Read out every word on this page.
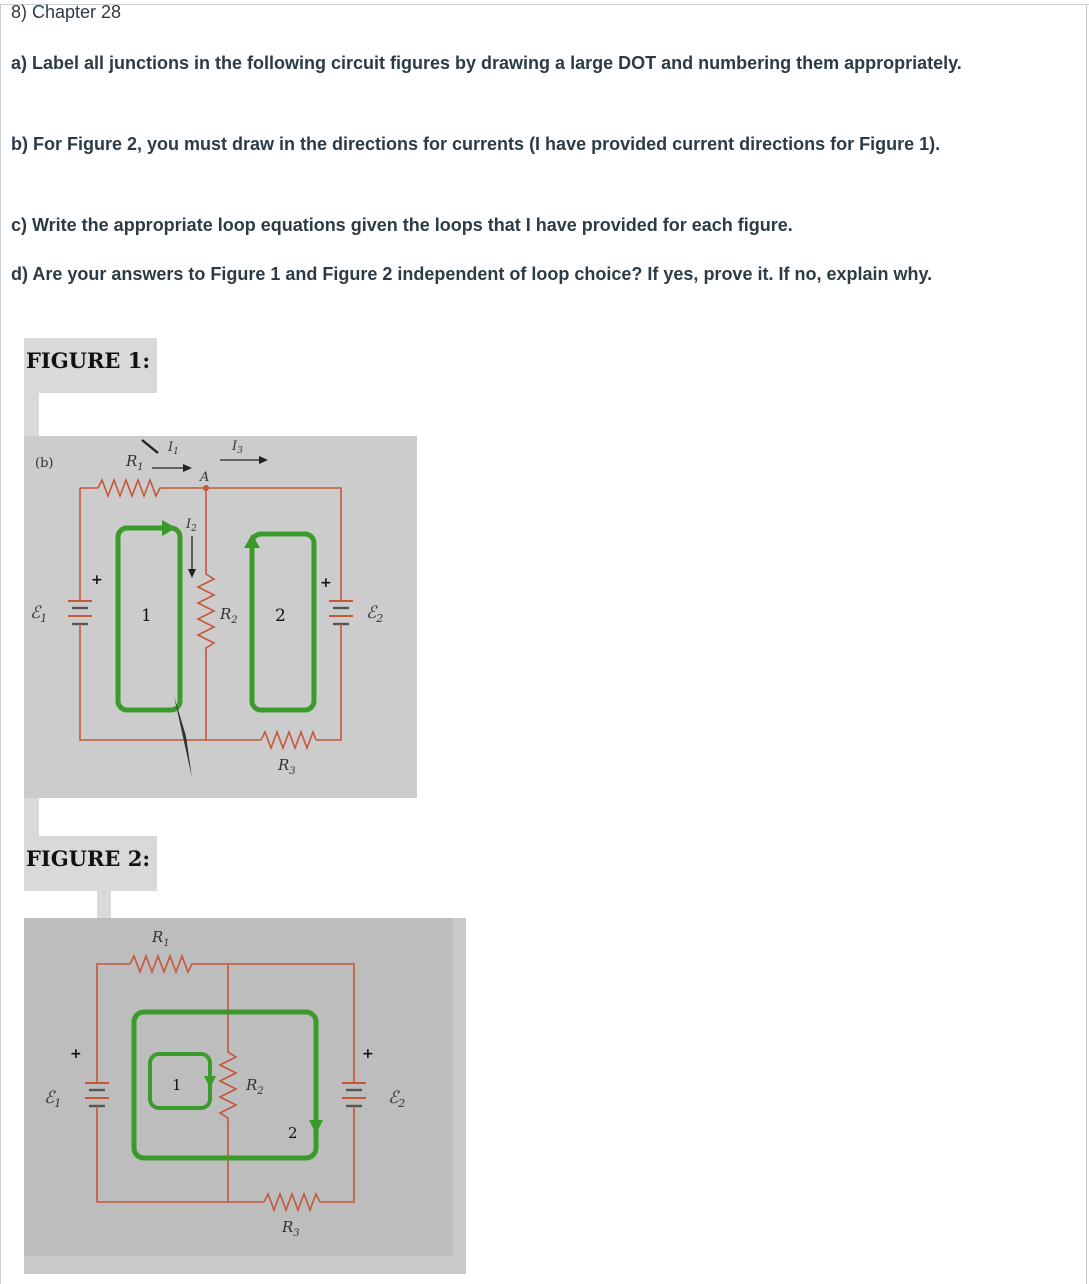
8) Chapter 28

a) Label all junctions in the following circuit figures by drawing a large DOT and numbering them appropriately.

b) For Figure 2, you must draw in the directions for currents (I have provided current directions for Figure 1).

c) Write the appropriate loop equations given the loops that I have provided for each figure.

d) Are your answers to Figure 1 and Figure 2 independent of loop choice? If yes, prove it. If no, explain why.

FIGURE 1:
+
ℰ$_1$
+
ℰ$_2$
A
1	2
$I_1$	$I_3$
$I_2$
$R_1$
$R_2$
$R_3$
(b)
FIGURE 2:
+
ℰ$_1$
+
ℰ$_2$
1
2
$R_1$
$R_2$
$R_3$
